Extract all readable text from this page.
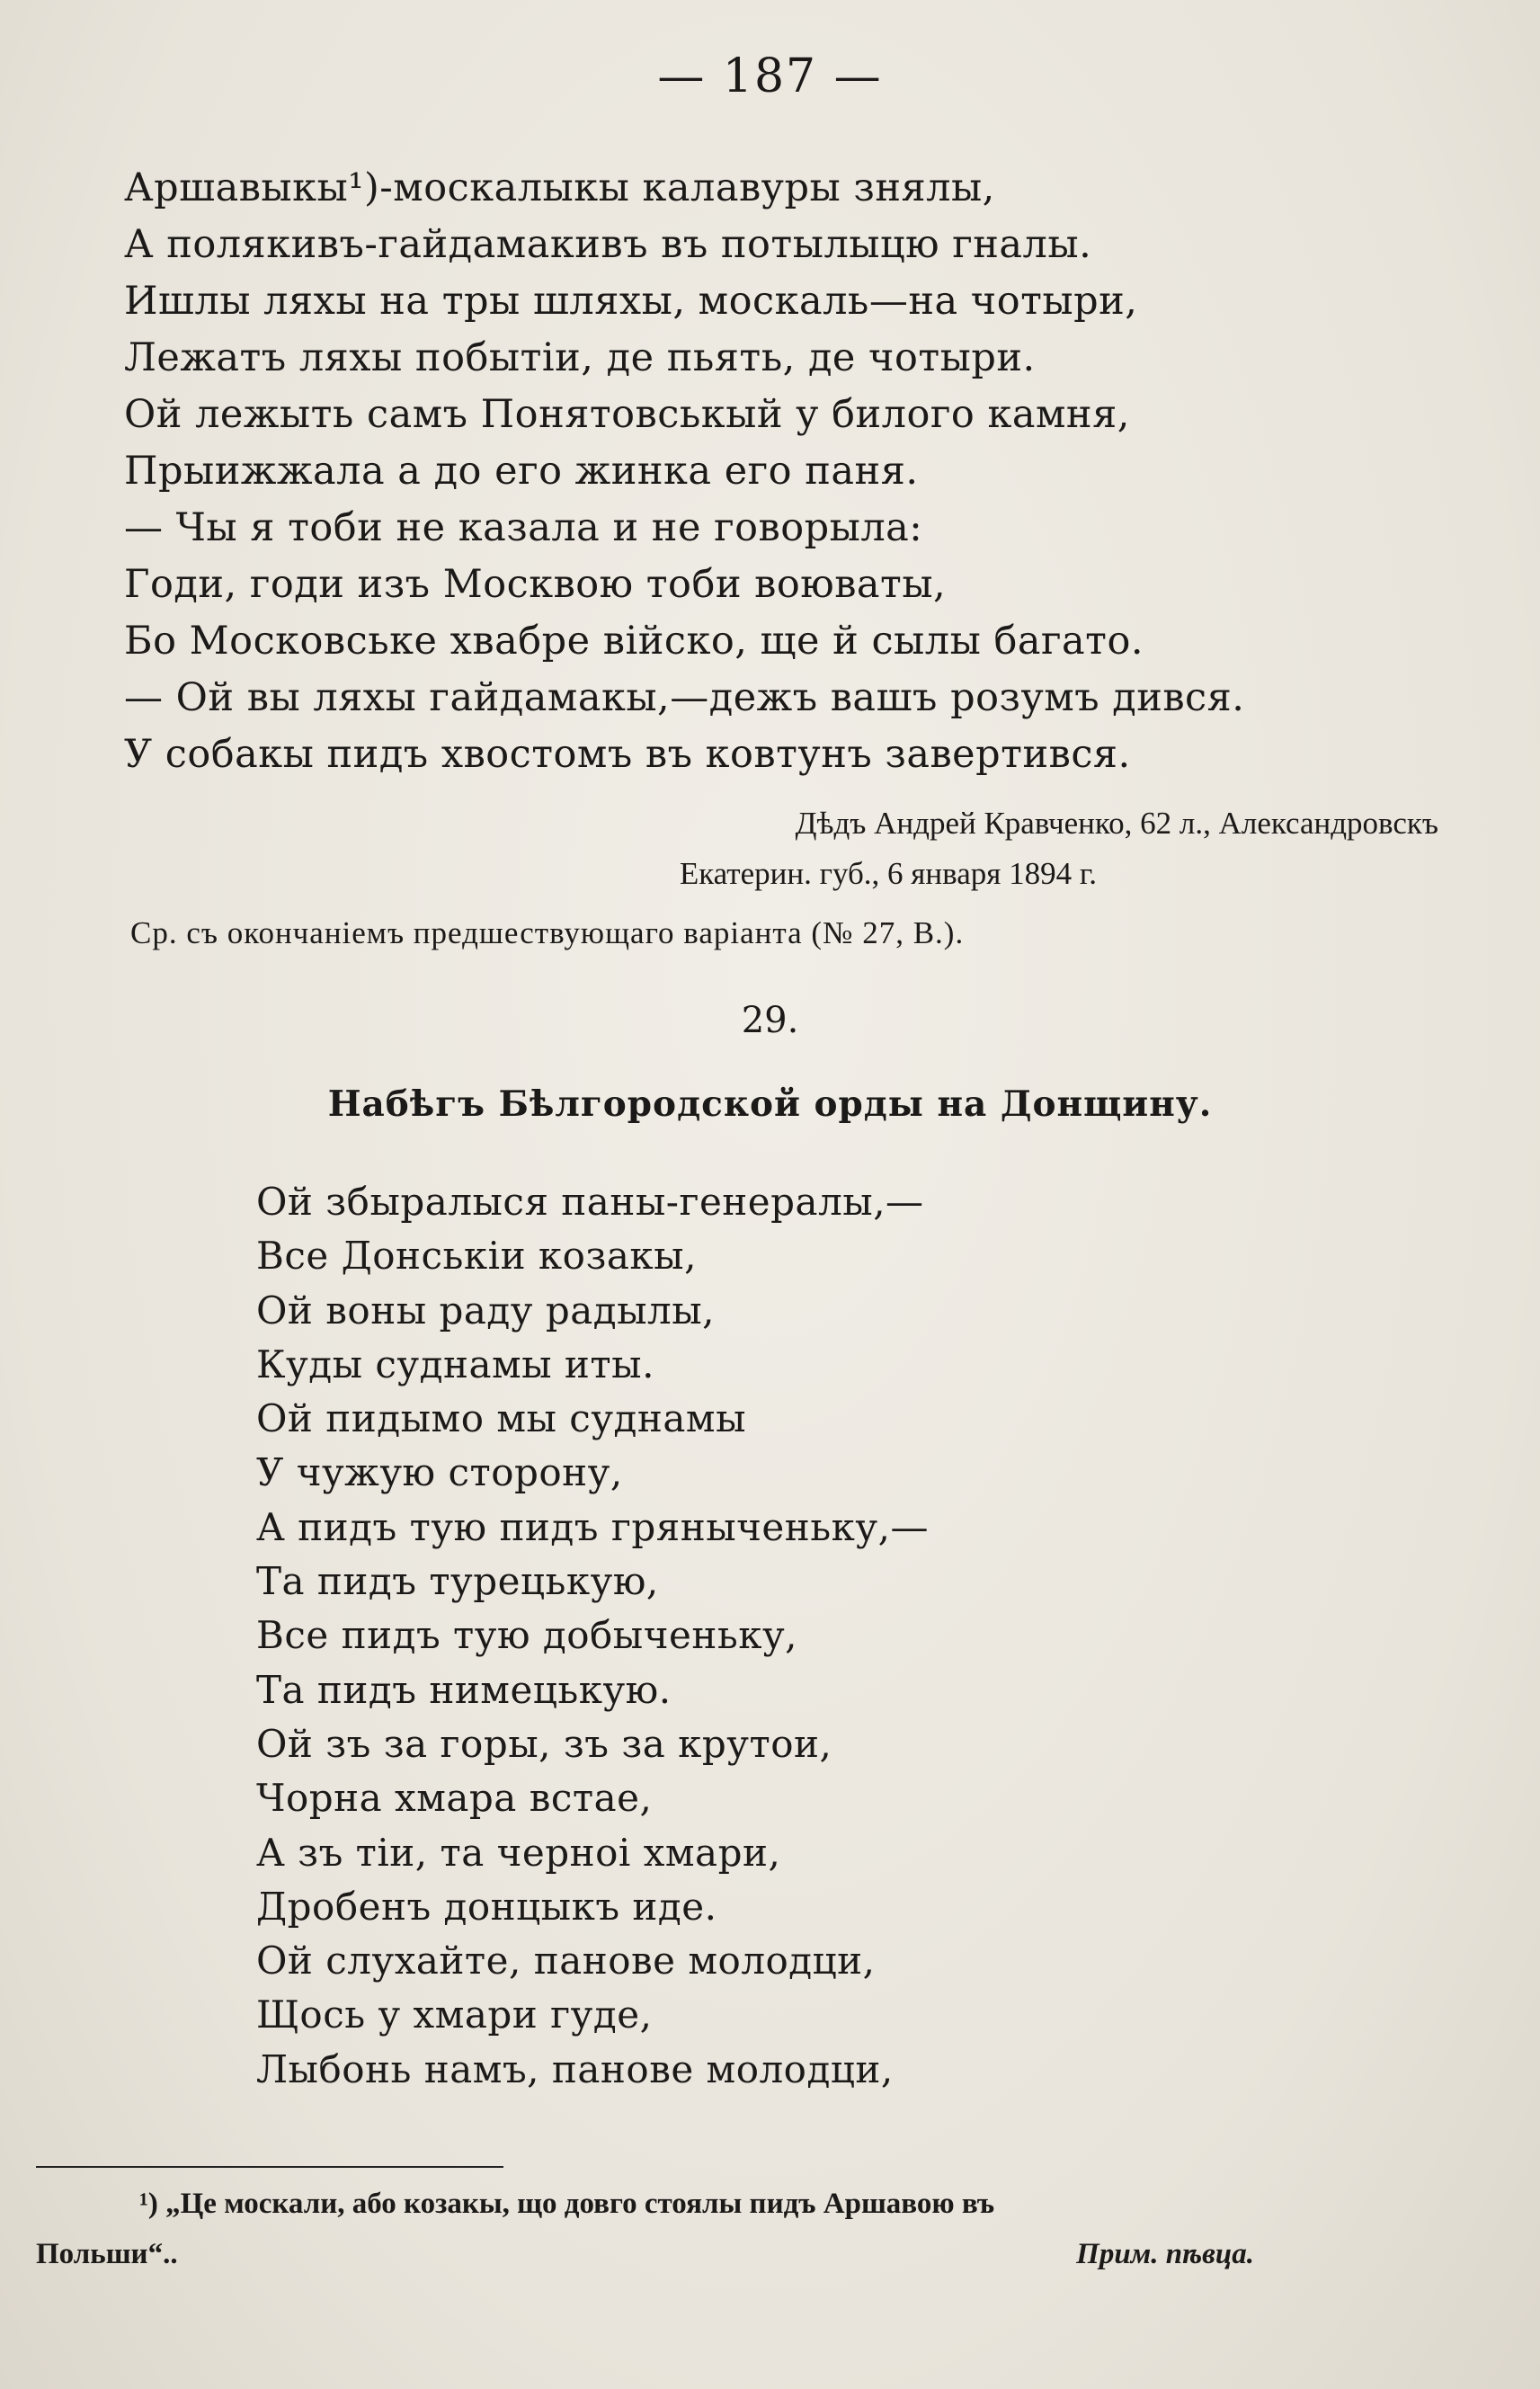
— 187 —
Аршавыкы¹)-москалыкы калавуры знялы,
А полякивъ-гайдамакивъ въ потылыцю гналы.
Ишлы ляхы на тры шляхы, москаль—на чотыри,
Лежатъ ляхы побытiи, де пьять, де чотыри.
Ой лежыть самъ Понятовськый у билого камня,
Прыижжала а до его жинка его паня.
— Чы я тоби не казала и не говорыла:
Годи, годи изъ Москвою тоби воюваты,
Бо Московське хвабре вiйско, ще й сылы багато.
— Ой вы ляхы гайдамакы,—дежъ вашъ розумъ дився.
У собакы пидъ хвостомъ въ ковтунъ завертився.
Дѣдъ Андрей Кравченко, 62 л., Александровскъ
Екатерин. губ., 6 января 1894 г.
Ср. съ окончанiемъ предшествующаго варiанта (№ 27, В.).
29.
Набѣгъ Бѣлгородской орды на Донщину.
Ой збыралыся паны-генералы,—
Все Донськiи козакы,
Ой воны раду радылы,
Куды суднамы иты.
Ой пидымо мы суднамы
У чужую сторону,
А пидъ тую пидъ гряныченьку,—
Та пидъ турецькую,
Все пидъ тую добыченьку,
Та пидъ нимецькую.
Ой зъ за горы, зъ за крутои,
Чорна хмара встае,
А зъ тiи, та черноi хмари,
Дробенъ донцыкъ иде.
Ой слухайте, панове молодци,
Щось у хмари гуде,
Лыбонь намъ, панове молодци,
¹) „Це москали, або козакы, що довго стоялы пидъ Аршавою въ
Польши“..	Прим. пѣвца.
